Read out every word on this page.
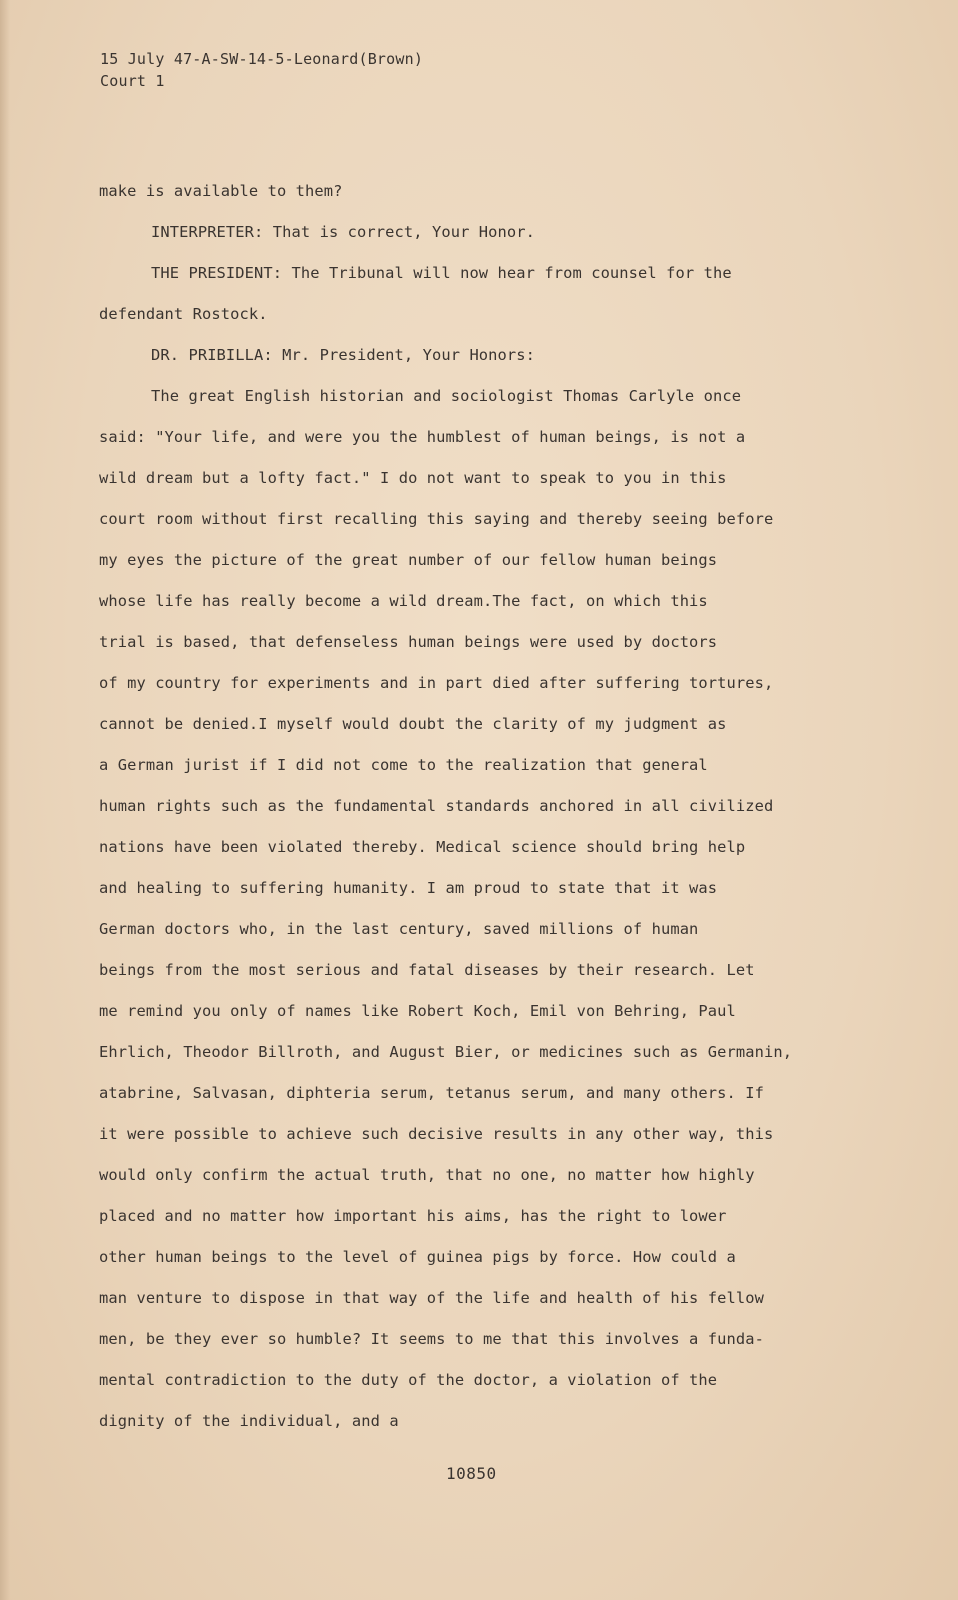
15 July 47-A-SW-14-5-Leonard(Brown)
Court 1
make is available to them?
INTERPRETER: That is correct, Your Honor.
THE PRESIDENT: The Tribunal will now hear from counsel for the
defendant Rostock.
DR. PRIBILLA: Mr. President, Your Honors:
The great English historian and sociologist Thomas Carlyle once
said: "Your life, and were you the humblest of human beings, is not a
wild dream but a lofty fact." I do not want to speak to you in this
court room without first recalling this saying and thereby seeing before
my eyes the picture of the great number of our fellow human beings
whose life has really become a wild dream.The fact, on which this
trial is based, that defenseless human beings were used by doctors
of my country for experiments and in part died after suffering tortures,
cannot be denied.I myself would doubt the clarity of my judgment as
a German jurist if I did not come to the realization that general
human rights such as the fundamental standards anchored in all civilized
nations have been violated thereby. Medical science should bring help
and healing to suffering humanity. I am proud to state that it was
German doctors who, in the last century, saved millions of human
beings from the most serious and fatal diseases by their research. Let
me remind you only of names like Robert Koch, Emil von Behring, Paul
Ehrlich, Theodor Billroth, and August Bier, or medicines such as Germanin,
atabrine, Salvasan, diphteria serum, tetanus serum, and many others. If
it were possible to achieve such decisive results in any other way, this
would only confirm the actual truth, that no one, no matter how highly
placed and no matter how important his aims, has the right to lower
other human beings to the level of guinea pigs by force. How could a
man venture to dispose in that way of the life and health of his fellow
men, be they ever so humble? It seems to me that this involves a funda-
mental contradiction to the duty of the doctor, a violation of the
dignity of the individual, and a
10850
